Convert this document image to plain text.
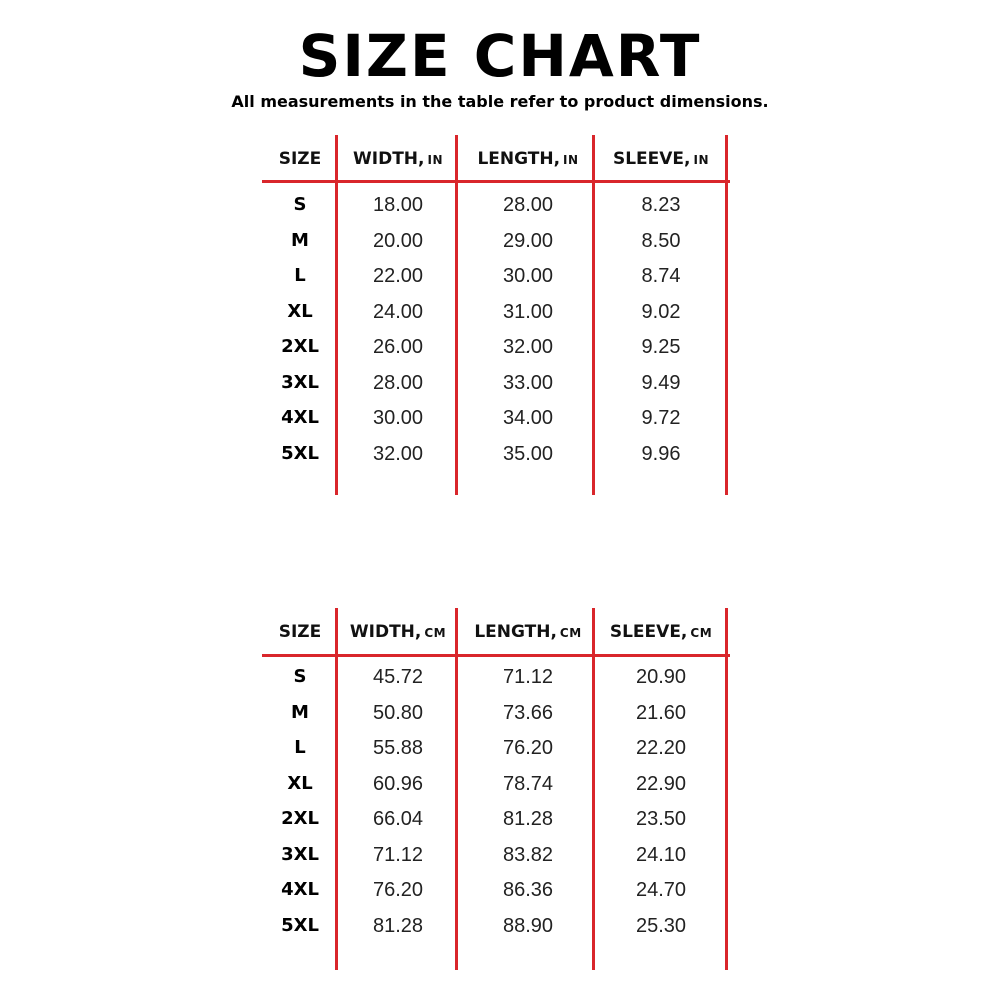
SIZE CHART
All measurements in the table refer to product dimensions.
SIZE	WIDTH, IN	LENGTH, IN	SLEEVE, IN
S	18.00	28.00	8.23
M	20.00	29.00	8.50
L	22.00	30.00	8.74
XL	24.00	31.00	9.02
2XL	26.00	32.00	9.25
3XL	28.00	33.00	9.49
4XL	30.00	34.00	9.72
5XL	32.00	35.00	9.96
SIZE	WIDTH, CM	LENGTH, CM	SLEEVE, CM
S	45.72	71.12	20.90
M	50.80	73.66	21.60
L	55.88	76.20	22.20
XL	60.96	78.74	22.90
2XL	66.04	81.28	23.50
3XL	71.12	83.82	24.10
4XL	76.20	86.36	24.70
5XL	81.28	88.90	25.30
